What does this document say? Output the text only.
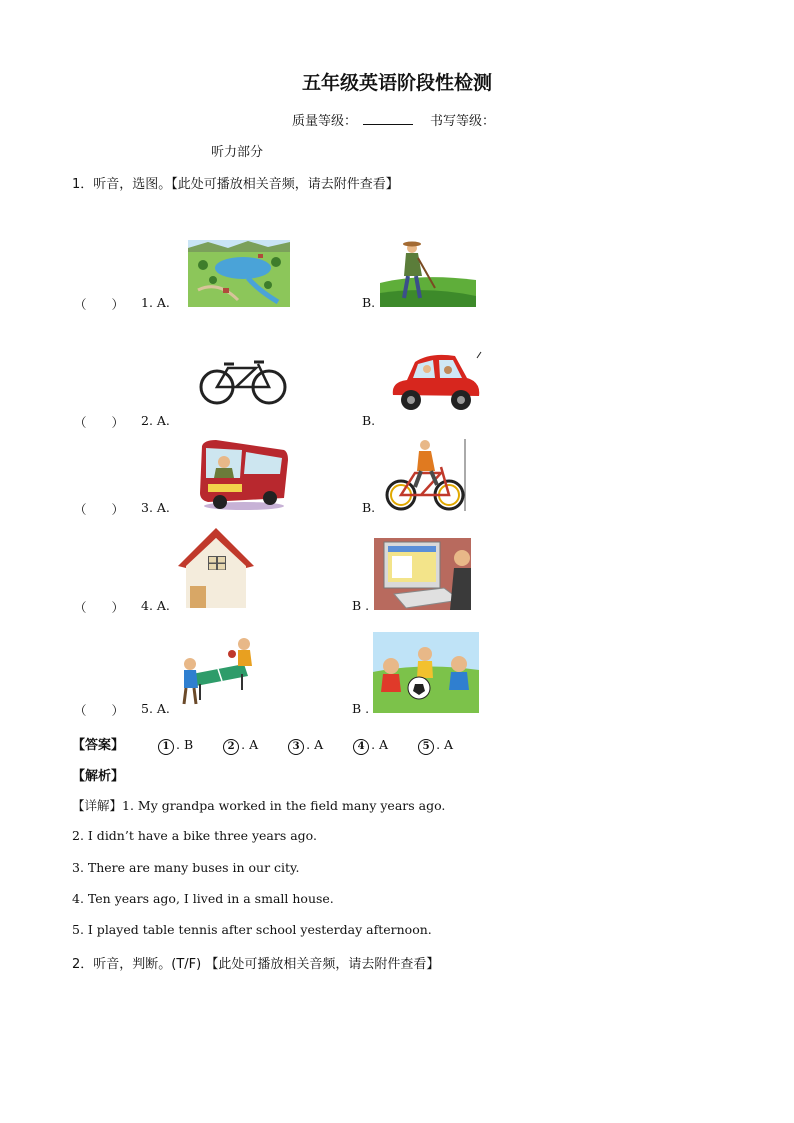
五年级英语阶段性检测
质量等级：	书写等级：
听力部分
1．听音，选图。【此处可播放相关音频，请去附件查看】
（　　） 1. A.	B.
（　　） 2. A.	B.
（　　） 3. A.	B.
（　　） 4. A.	B .
（　　） 5. A.	B .
【答案】	1 . B	2 . A	3 . A	4 . A	5 . A
【解析】
【详解】1. My grandpa worked in the field many years ago.
2. I didn’t have a bike three years ago.
3. There are many buses in our city.
4. Ten years ago, I lived in a small house.
5. I played table tennis after school yesterday afternoon.
2．听音，判断。(T/F) 【此处可播放相关音频，请去附件查看】
